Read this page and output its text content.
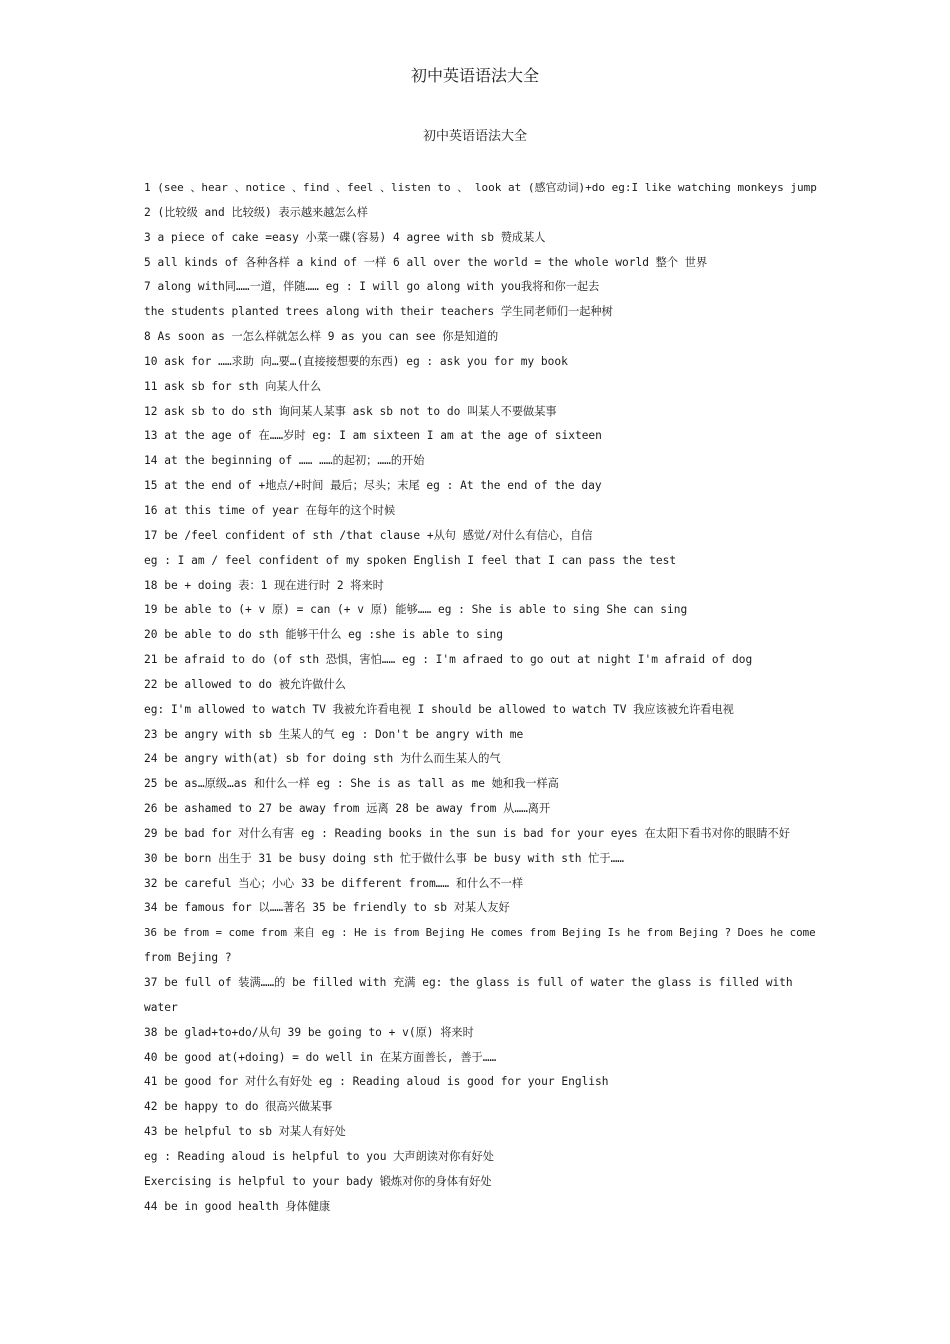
初中英语语法大全
初中英语语法大全
1 (see 、hear 、notice 、find 、feel 、listen to 、 look at (感官动词)+do eg:I like watching monkeys jump
2 (比较级 and 比较级) 表示越来越怎么样
3 a piece of cake =easy 小菜一碟(容易) 4 agree with sb 赞成某人
5 all kinds of 各种各样 a kind of 一样 6 all over the world = the whole world 整个 世界
7 along with同……一道，伴随…… eg : I will go along with you我将和你一起去
the students planted trees along with their teachers 学生同老师们一起种树
8 As soon as 一怎么样就怎么样 9 as you can see 你是知道的
10 ask for ……求助 向…要…(直接接想要的东西) eg : ask you for my book
11 ask sb for sth 向某人什么
12 ask sb to do sth 询问某人某事 ask sb not to do 叫某人不要做某事
13 at the age of 在……岁时 eg: I am sixteen I am at the age of sixteen
14 at the beginning of …… ……的起初；……的开始
15 at the end of +地点/+时间 最后；尽头；末尾 eg : At the end of the day
16 at this time of year 在每年的这个时候
17 be /feel confident of sth /that clause +从句 感觉/对什么有信心，自信
eg : I am / feel confident of my spoken English I feel that I can pass the test
18 be + doing 表：1 现在进行时 2 将来时
19 be able to (+ v 原) = can (+ v 原) 能够…… eg : She is able to sing She can sing
20 be able to do sth 能够干什么 eg :she is able to sing
21 be afraid to do (of sth 恐惧，害怕…… eg : I'm afraed to go out at night I'm afraid of dog
22 be allowed to do 被允许做什么
eg: I'm allowed to watch TV 我被允许看电视 I should be allowed to watch TV 我应该被允许看电视
23 be angry with sb 生某人的气 eg : Don't be angry with me
24 be angry with(at) sb for doing sth 为什么而生某人的气
25 be as…原级…as 和什么一样 eg : She is as tall as me 她和我一样高
26 be ashamed to 27 be away from 远离 28 be away from 从……离开
29 be bad for 对什么有害 eg : Reading books in the sun is bad for your eyes 在太阳下看书对你的眼睛不好
30 be born 出生于 31 be busy doing sth 忙于做什么事 be busy with sth 忙于……
32 be careful 当心；小心 33 be different from…… 和什么不一样
34 be famous for 以……著名 35 be friendly to sb 对某人友好
36 be from = come from 来自 eg : He is from Bejing He comes from Bejing Is he from Bejing ? Does he come
from Bejing ?
37 be full of 装满……的 be filled with 充满 eg: the glass is full of water the glass is filled with
water
38 be glad+to+do/从句 39 be going to + v(原) 将来时
40 be good at(+doing) = do well in 在某方面善长, 善于……
41 be good for 对什么有好处 eg : Reading aloud is good for your English
42 be happy to do 很高兴做某事
43 be helpful to sb 对某人有好处
eg : Reading aloud is helpful to you 大声朗读对你有好处
Exercising is helpful to your bady 锻炼对你的身体有好处
44 be in good health 身体健康
